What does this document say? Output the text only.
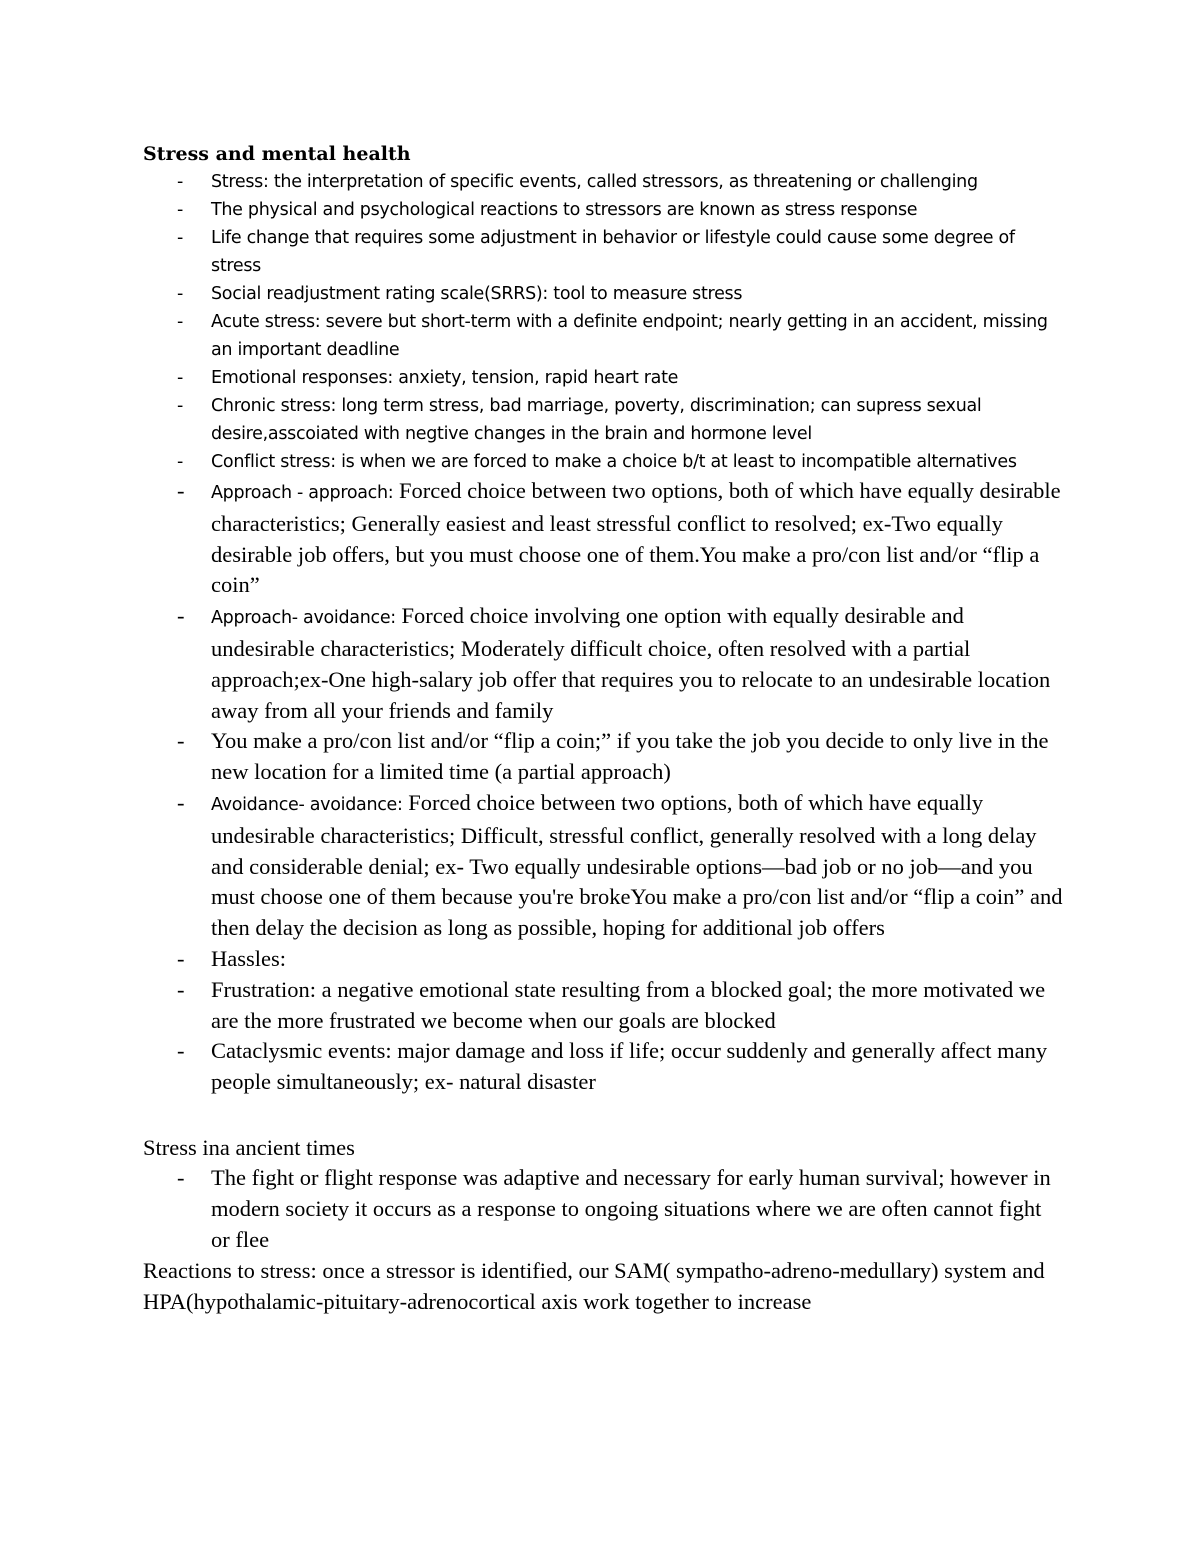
Stress and mental health

- Stress: the interpretation of specific events, called stressors, as threatening or challenging
- The physical and psychological reactions to stressors are known as stress response
- Life change that requires some adjustment in behavior or lifestyle could cause some degree of stress
- Social readjustment rating scale(SRRS): tool to measure stress
- Acute stress: severe but short-term with a definite endpoint; nearly getting in an accident, missing an important deadline
- Emotional responses: anxiety, tension, rapid heart rate
- Chronic stress: long term stress, bad marriage, poverty, discrimination; can supress sexual desire,asscoiated with negtive changes in the brain and hormone level
- Conflict stress: is when we are forced to make a choice b/t at least to incompatible alternatives
- Approach - approach: Forced choice between two options, both of which have equally desirable characteristics; Generally easiest and least stressful conflict to resolved; ex-Two equally desirable job offers, but you must choose one of them.You make a pro/con list and/or “flip a coin”
- Approach- avoidance: Forced choice involving one option with equally desirable and undesirable characteristics; Moderately difficult choice, often resolved with a partial approach;ex-One high-salary job offer that requires you to relocate to an undesirable location away from all your friends and family
- You make a pro/con list and/or “flip a coin;” if you take the job you decide to only live in the new location for a limited time (a partial approach)
- Avoidance- avoidance: Forced choice between two options, both of which have equally undesirable characteristics; Difficult, stressful conflict, generally resolved with a long delay and considerable denial; ex- Two equally undesirable options—bad job or no job—and you must choose one of them because you're brokeYou make a pro/con list and/or “flip a coin” and then delay the decision as long as possible, hoping for additional job offers
- Hassles:
- Frustration: a negative emotional state resulting from a blocked goal; the more motivated we are the more frustrated we become when our goals are blocked
- Cataclysmic events: major damage and loss if life; occur suddenly and generally affect many people simultaneously; ex- natural disaster

Stress ina ancient times

- The fight or flight response was adaptive and necessary for early human survival; however in modern society it occurs as a response to ongoing situations where we are often cannot fight or flee

Reactions to stress: once a stressor is identified, our SAM( sympatho-adreno-medullary) system and HPA(hypothalamic-pituitary-adrenocortical axis work together to increase
